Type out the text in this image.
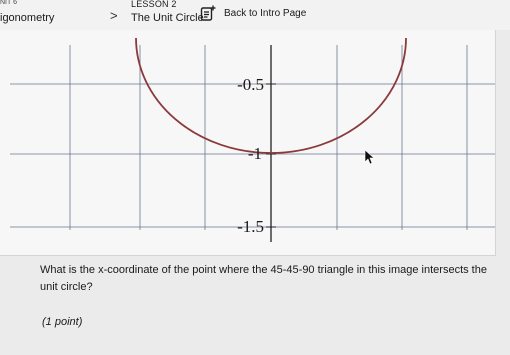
NIT 6
igonometry	>
LESSON 2
The Unit Circle Back to Intro Page
-0.5
-1
-1.5
What is the x-coordinate of the point where the 45-45-90 triangle in this image intersects the unit circle?
(1 point)
